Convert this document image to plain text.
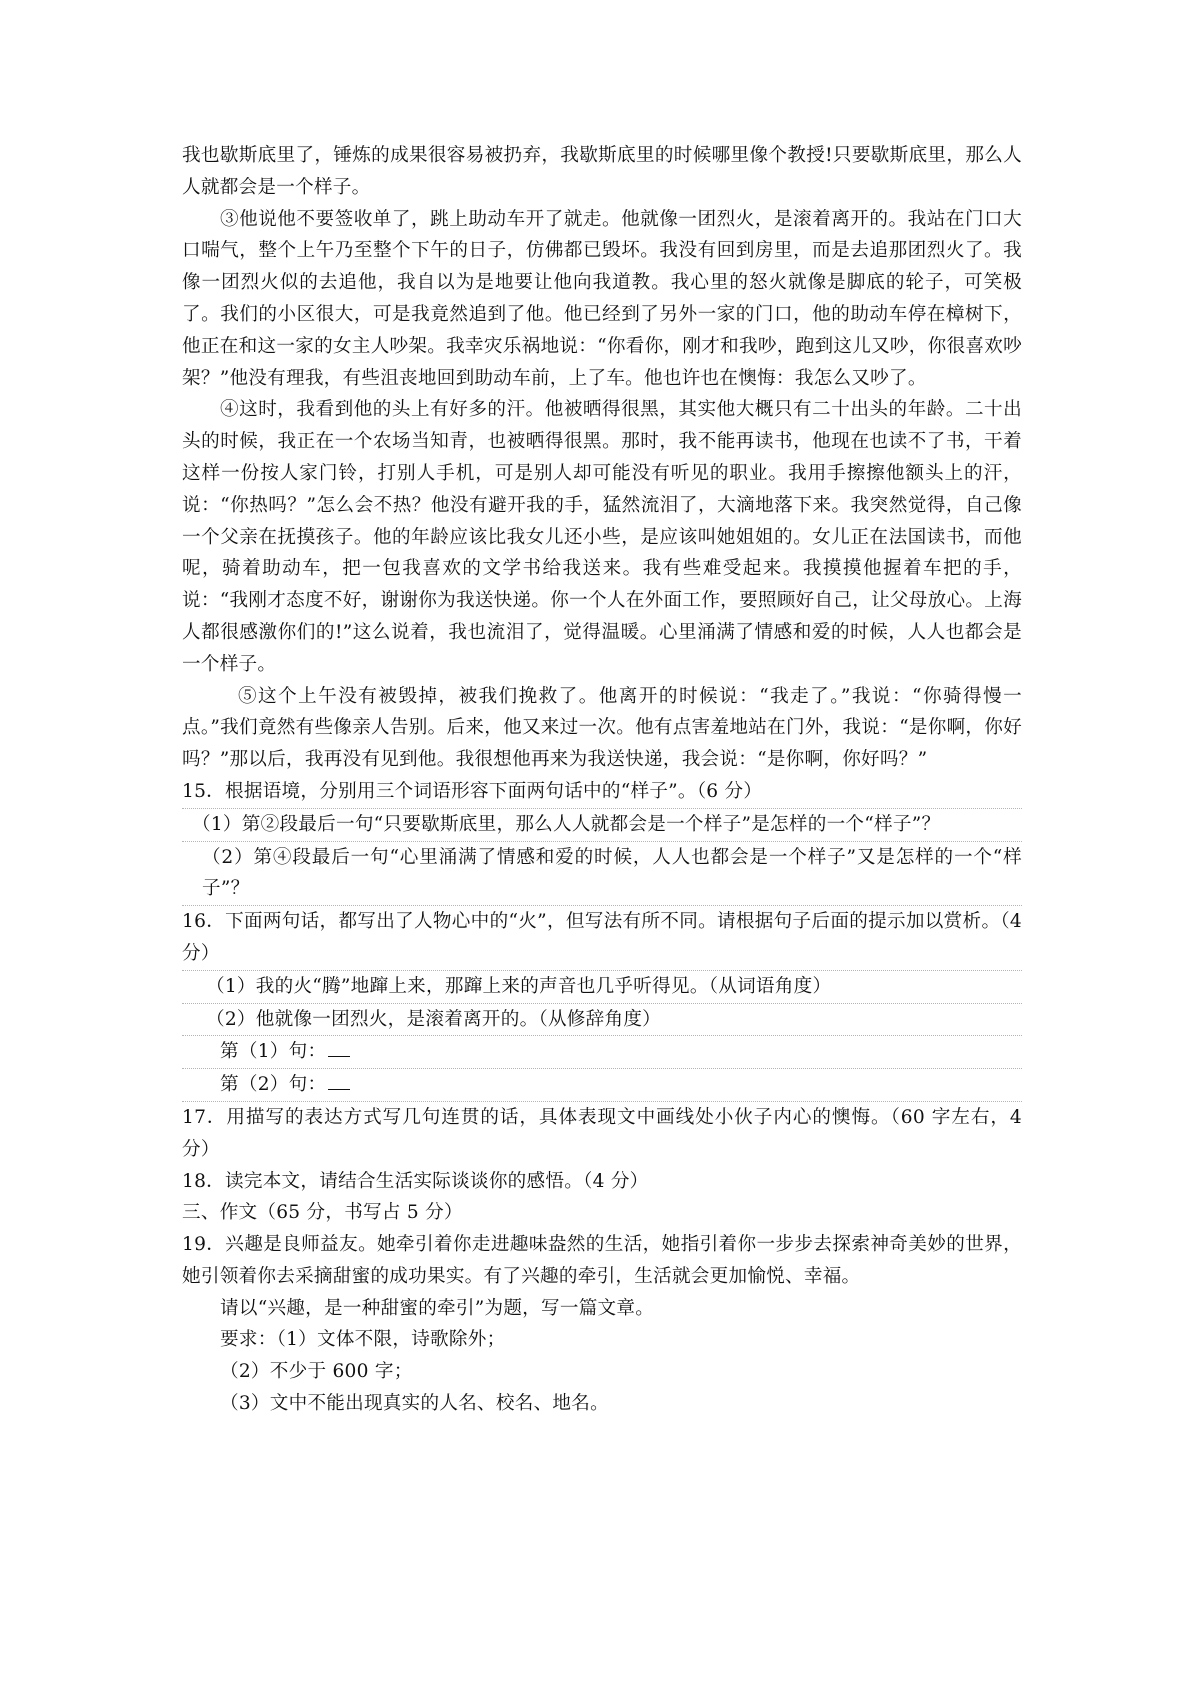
我也歇斯底里了，锤炼的成果很容易被扔弃，我歇斯底里的时候哪里像个教授!只要歇斯底里，那么人人就都会是一个样子。

③他说他不要签收单了，跳上助动车开了就走。他就像一团烈火，是滚着离开的。我站在门口大口喘气，整个上午乃至整个下午的日子，仿佛都已毁坏。我没有回到房里，而是去追那团烈火了。我像一团烈火似的去追他，我自以为是地要让他向我道教。我心里的怒火就像是脚底的轮子，可笑极了。我们的小区很大，可是我竟然追到了他。他已经到了另外一家的门口，他的助动车停在樟树下，他正在和这一家的女主人吵架。我幸灾乐祸地说：“你看你，刚才和我吵，跑到这儿又吵，你很喜欢吵架？”他没有理我，有些沮丧地回到助动车前，上了车。他也许也在懊悔：我怎么又吵了。

④这时，我看到他的头上有好多的汗。他被晒得很黑，其实他大概只有二十出头的年龄。二十出头的时候，我正在一个农场当知青，也被晒得很黑。那时，我不能再读书，他现在也读不了书，干着这样一份按人家门铃，打别人手机，可是别人却可能没有听见的职业。我用手擦擦他额头上的汗，说：“你热吗？”怎么会不热？他没有避开我的手，猛然流泪了，大滴地落下来。我突然觉得，自己像一个父亲在抚摸孩子。他的年龄应该比我女儿还小些，是应该叫她姐姐的。女儿正在法国读书，而他呢，骑着助动车，把一包我喜欢的文学书给我送来。我有些难受起来。我摸摸他握着车把的手，说：“我刚才态度不好，谢谢你为我送快递。你一个人在外面工作，要照顾好自己，让父母放心。上海人都很感激你们的!”这么说着，我也流泪了，觉得温暖。心里涌满了情感和爱的时候，人人也都会是一个样子。

⑤这个上午没有被毁掉，被我们挽救了。他离开的时候说：“我走了。”我说：“你骑得慢一点。”我们竟然有些像亲人告别。后来，他又来过一次。他有点害羞地站在门外，我说：“是你啊，你好吗？”那以后，我再没有见到他。我很想他再来为我送快递，我会说：“是你啊，你好吗？”

15．根据语境，分别用三个词语形容下面两句话中的“样子”。（6 分）

（1）第②段最后一句“只要歇斯底里，那么人人就都会是一个样子”是怎样的一个“样子”？

（2）第④段最后一句“心里涌满了情感和爱的时候，人人也都会是一个样子”又是怎样的一个“样子”？

16．下面两句话，都写出了人物心中的“火”，但写法有所不同。请根据句子后面的提示加以赏析。（4 分）

（1）我的火“腾”地蹿上来，那蹿上来的声音也几乎听得见。（从词语角度）

（2）他就像一团烈火，是滚着离开的。（从修辞角度）

第（1）句：

第（2）句：

17．用描写的表达方式写几句连贯的话，具体表现文中画线处小伙子内心的懊悔。（60 字左右，4 分）

18．读完本文，请结合生活实际谈谈你的感悟。（4 分）

三、作文（65 分，书写占 5 分）

19．兴趣是良师益友。她牵引着你走进趣味盎然的生活，她指引着你一步步去探索神奇美妙的世界，她引领着你去采摘甜蜜的成功果实。有了兴趣的牵引，生活就会更加愉悦、幸福。

请以“兴趣，是一种甜蜜的牵引”为题，写一篇文章。

要求：（1）文体不限，诗歌除外；

（2）不少于 600 字；

（3）文中不能出现真实的人名、校名、地名。
